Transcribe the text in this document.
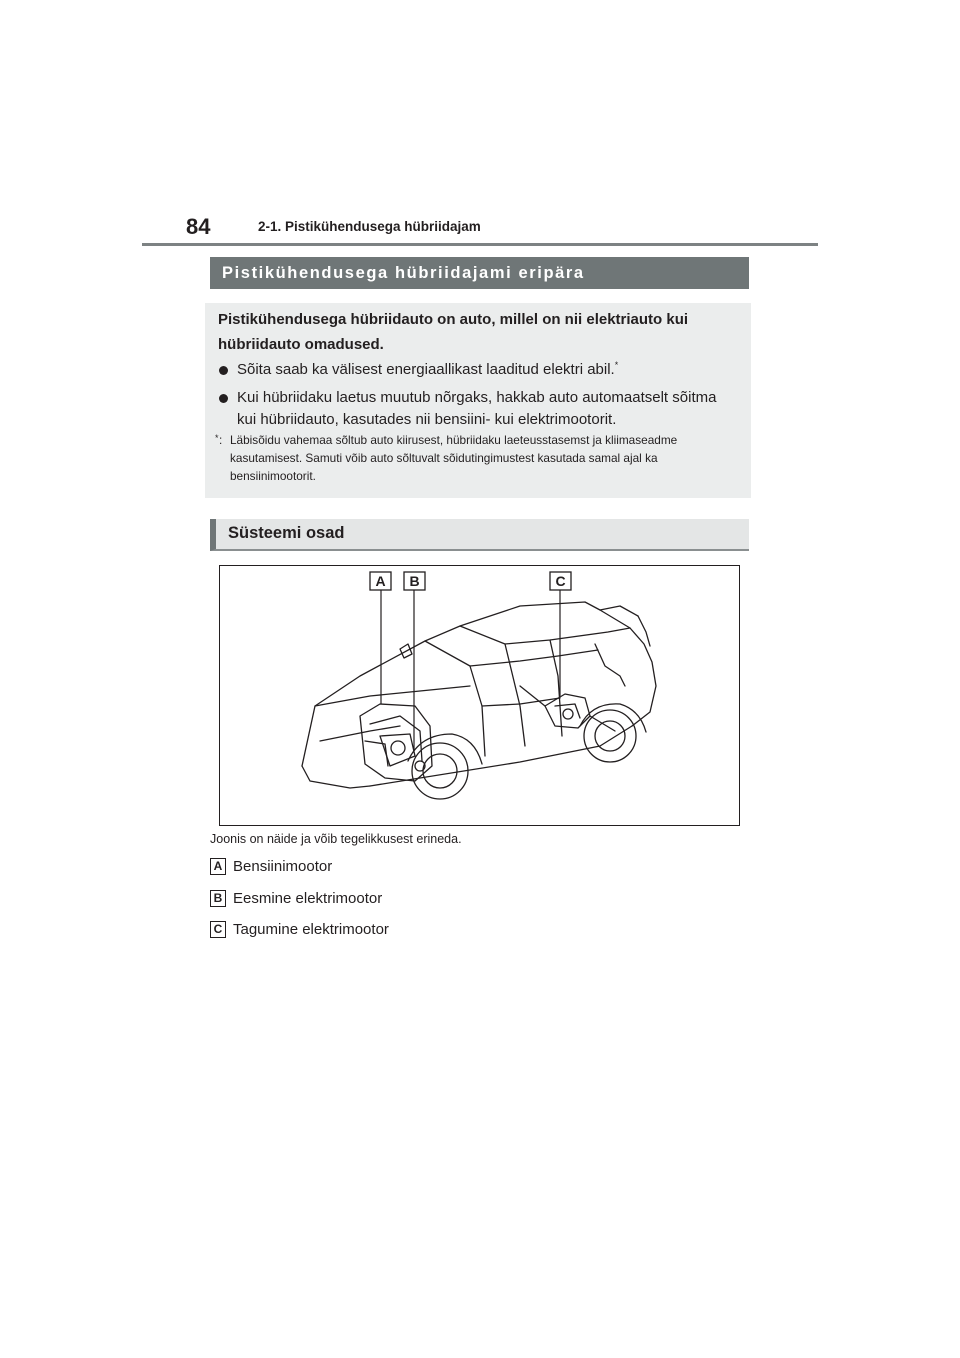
84	2-1. Pistikühendusega hübriidajam
Pistikühendusega hübriidajami eripära
Pistikühendusega hübriidauto on auto, millel on nii elektriauto kui hübriidauto omadused.
Sõita saab ka välisest energiaallikast laaditud elektri abil.*
Kui hübriidaku laetus muutub nõrgaks, hakkab auto automaatselt sõitma kui hübriidauto, kasutades nii bensiini- kui elektrimootorit.
* : Läbisõidu vahemaa sõltub auto kiirusest, hübriidaku laeteusstasemst ja kliimaseadme kasutamisest. Samuti võib auto sõltuvalt sõidutingimustest kasutada samal ajal ka bensiinimootorit.
Süsteemi osad
A B	C
Joonis on näide ja võib tegelikkusest erineda.
A Bensiinimootor
B Eesmine elektrimootor
C Tagumine elektrimootor
